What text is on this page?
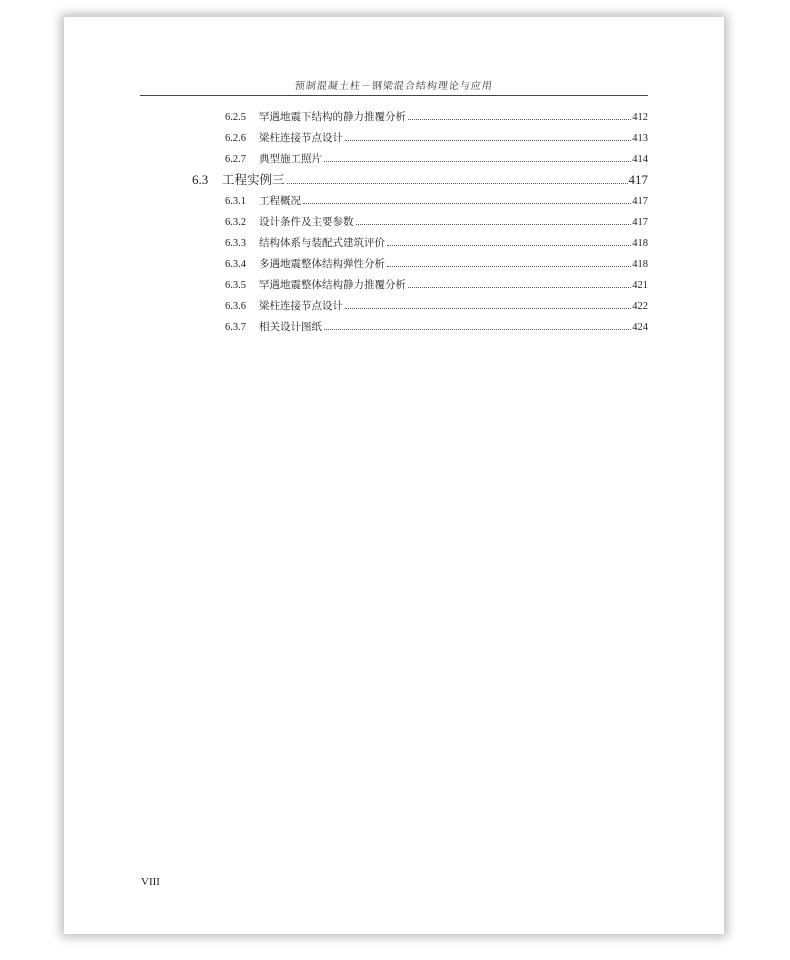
预制混凝土柱－钢梁混合结构理论与应用
6.2.5	罕遇地震下结构的静力推覆分析	412
6.2.6	梁柱连接节点设计	413
6.2.7	典型施工照片	414
6.3	工程实例三	417
6.3.1	工程概况	417
6.3.2	设计条件及主要参数	417
6.3.3	结构体系与装配式建筑评价	418
6.3.4	多遇地震整体结构弹性分析	418
6.3.5	罕遇地震整体结构静力推覆分析	421
6.3.6	梁柱连接节点设计	422
6.3.7	相关设计图纸	424
VIII
